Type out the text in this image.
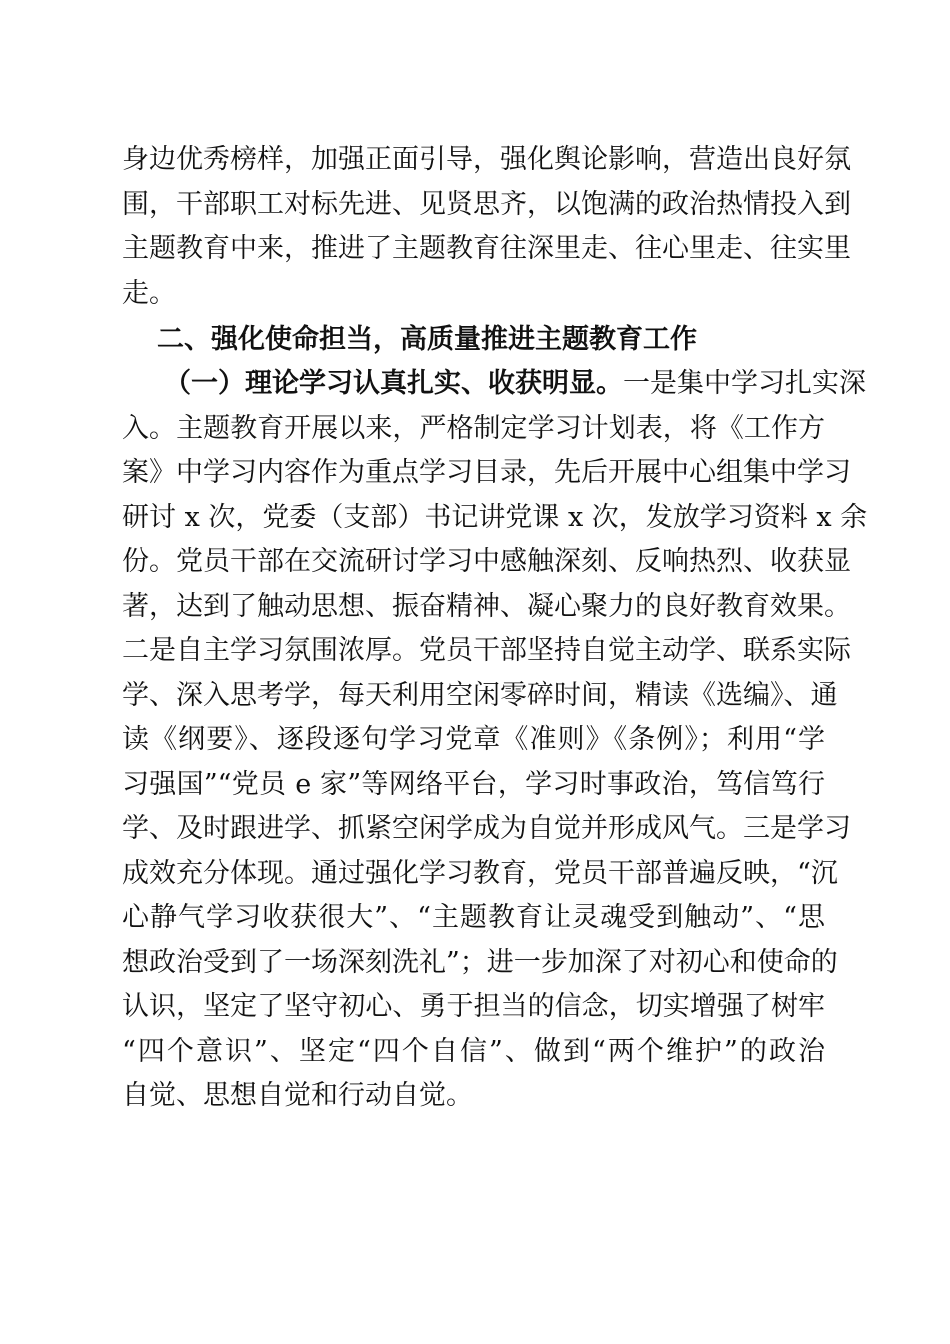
身边优秀榜样，加强正面引导，强化舆论影响，营造出良好氛
围，干部职工对标先进、见贤思齐，以饱满的政治热情投入到
主题教育中来，推进了主题教育往深里走、往心里走、往实里
走。
二、强化使命担当，高质量推进主题教育工作
（一）理论学习认真扎实、收获明显。一是集中学习扎实深
入。主题教育开展以来，严格制定学习计划表，将《工作方
案》中学习内容作为重点学习目录，先后开展中心组集中学习
研讨 x 次，党委（支部）书记讲党课 x 次，发放学习资料 x 余
份。党员干部在交流研讨学习中感触深刻、反响热烈、收获显
著，达到了触动思想、振奋精神、凝心聚力的良好教育效果。
二是自主学习氛围浓厚。党员干部坚持自觉主动学、联系实际
学、深入思考学，每天利用空闲零碎时间，精读《选编》、通
读《纲要》、逐段逐句学习党章《准则》《条例》；利用“学
习强国”“党员 e 家”等网络平台，学习时事政治，笃信笃行
学、及时跟进学、抓紧空闲学成为自觉并形成风气。三是学习
成效充分体现。通过强化学习教育，党员干部普遍反映，“沉
心静气学习收获很大”、“主题教育让灵魂受到触动”、“思
想政治受到了一场深刻洗礼”；进一步加深了对初心和使命的
认识，坚定了坚守初心、勇于担当的信念，切实增强了树牢
“四个意识”、坚定“四个自信”、做到“两个维护”的政治
自觉、思想自觉和行动自觉。
